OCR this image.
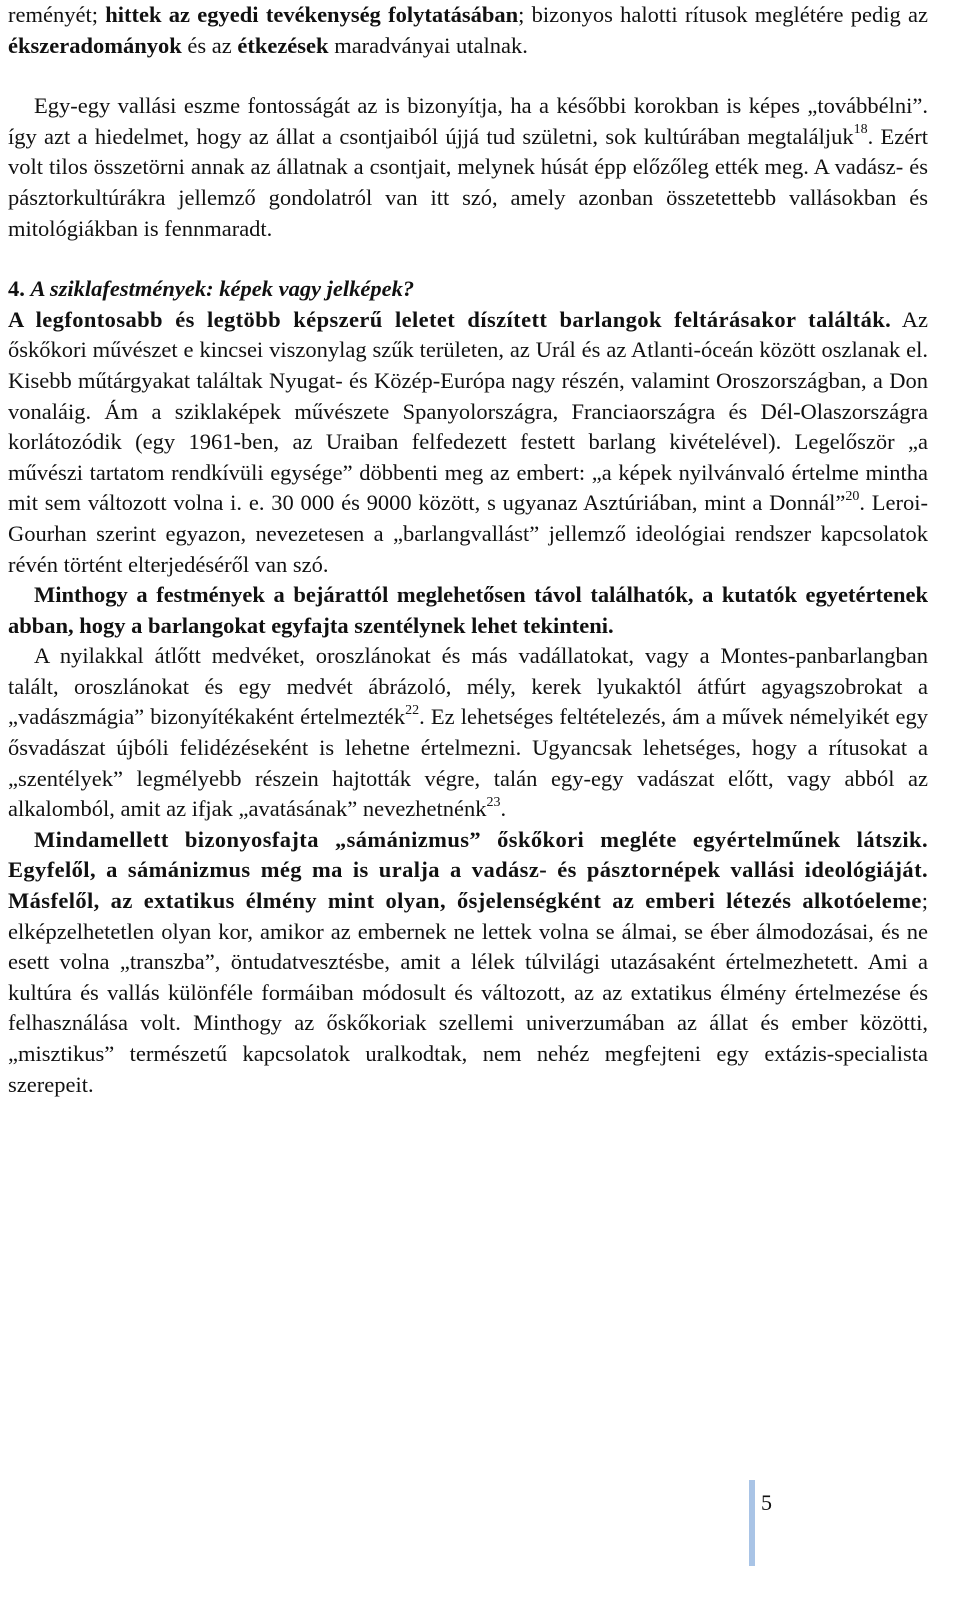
reményét; hittek az egyedi tevékenység folytatásában; bizonyos halotti rítusok meglétére pedig az ékszeradományok és az étkezések maradványai utalnak.

Egy-egy vallási eszme fontosságát az is bizonyítja, ha a későbbi korokban is képes „továbbélni”. így azt a hiedelmet, hogy az állat a csontjaiból újjá tud születni, sok kultúrában megtaláljuk$^{18}$. Ezért volt tilos összetörni annak az állatnak a csontjait, melynek húsát épp előzőleg ették meg. A vadász- és pásztorkultúrákra jellemző gondolatról van itt szó, amely azonban összetettebb vallásokban és mitológiákban is fennmaradt.

4. A sziklafestmények: képek vagy jelképek?

A legfontosabb és legtöbb képszerű leletet díszített barlangok feltárásakor találták. Az őskőkori művészet e kincsei viszonylag szűk területen, az Urál és az Atlanti-óceán között oszlanak el. Kisebb műtárgyakat találtak Nyugat- és Közép-Európa nagy részén, valamint Oroszországban, a Don vonaláig. Ám a sziklaképek művészete Spanyolországra, Franciaországra és Dél-Olaszországra korlátozódik (egy 1961-ben, az Uraiban felfedezett festett barlang kivételével). Legelőször „a művészi tartatom rendkívüli egysége” döbbenti meg az embert: „a képek nyilvánvaló értelme mintha mit sem változott volna i. e. 30 000 és 9000 között, s ugyanaz Asztúriában, mint a Donnál”$^{20}$. Leroi-Gourhan szerint egyazon, nevezetesen a „barlangvallást” jellemző ideológiai rendszer kapcsolatok révén történt elterjedéséről van szó.

Minthogy a festmények a bejárattól meglehetősen távol találhatók, a kutatók egyetértenek abban, hogy a barlangokat egyfajta szentélynek lehet tekinteni.

A nyilakkal átlőtt medvéket, oroszlánokat és más vadállatokat, vagy a Montes-panbarlangban talált, oroszlánokat és egy medvét ábrázoló, mély, kerek lyukaktól átfúrt agyagszobrokat a „vadászmágia” bizonyítékaként értelmezték$^{22}$. Ez lehetséges feltételezés, ám a művek némelyikét egy ősvadászat újbóli felidézéseként is lehetne értelmezni. Ugyancsak lehetséges, hogy a rítusokat a „szentélyek” legmélyebb részein hajtották végre, talán egy-egy vadászat előtt, vagy abból az alkalomból, amit az ifjak „avatásának” nevezhetnénk$^{23}$.

Mindamellett bizonyosfajta „sámánizmus” őskőkori megléte egyértelműnek látszik. Egyfelől, a sámánizmus még ma is uralja a vadász- és pásztornépek vallási ideológiáját. Másfelől, az extatikus élmény mint olyan, ősjelenségként az emberi létezés alkotóeleme; elképzelhetetlen olyan kor, amikor az embernek ne lettek volna se álmai, se éber álmodozásai, és ne esett volna „transzba”, öntudatvesztésbe, amit a lélek túlvilági utazásaként értelmezhetett. Ami a kultúra és vallás különféle formáiban módosult és változott, az az extatikus élmény értelmezése és felhasználása volt. Minthogy az őskőkoriak szellemi univerzumában az állat és ember közötti, „misztikus” természetű kapcsolatok uralkodtak, nem nehéz megfejteni egy extázis-specialista szerepeit.

5
